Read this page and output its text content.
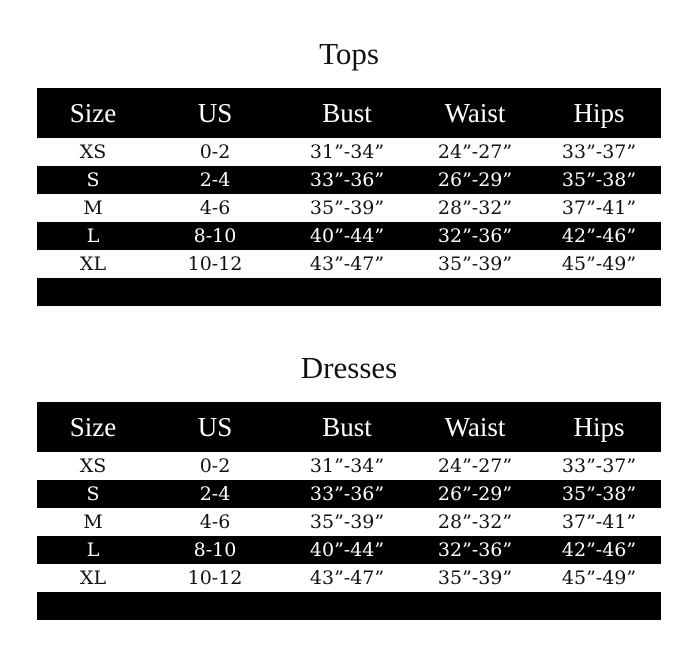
Tops
Size	US	Bust	Waist	Hips
XS	0-2	31”-34”	24”-27”	33”-37”
S	2-4	33”-36”	26”-29”	35”-38”
M	4-6	35”-39”	28”-32”	37”-41”
L	8-10	40”-44”	32”-36”	42”-46”
XL	10-12	43”-47”	35”-39”	45”-49”
Dresses
Size	US	Bust	Waist	Hips
XS	0-2	31”-34”	24”-27”	33”-37”
S	2-4	33”-36”	26”-29”	35”-38”
M	4-6	35”-39”	28”-32”	37”-41”
L	8-10	40”-44”	32”-36”	42”-46”
XL	10-12	43”-47”	35”-39”	45”-49”
